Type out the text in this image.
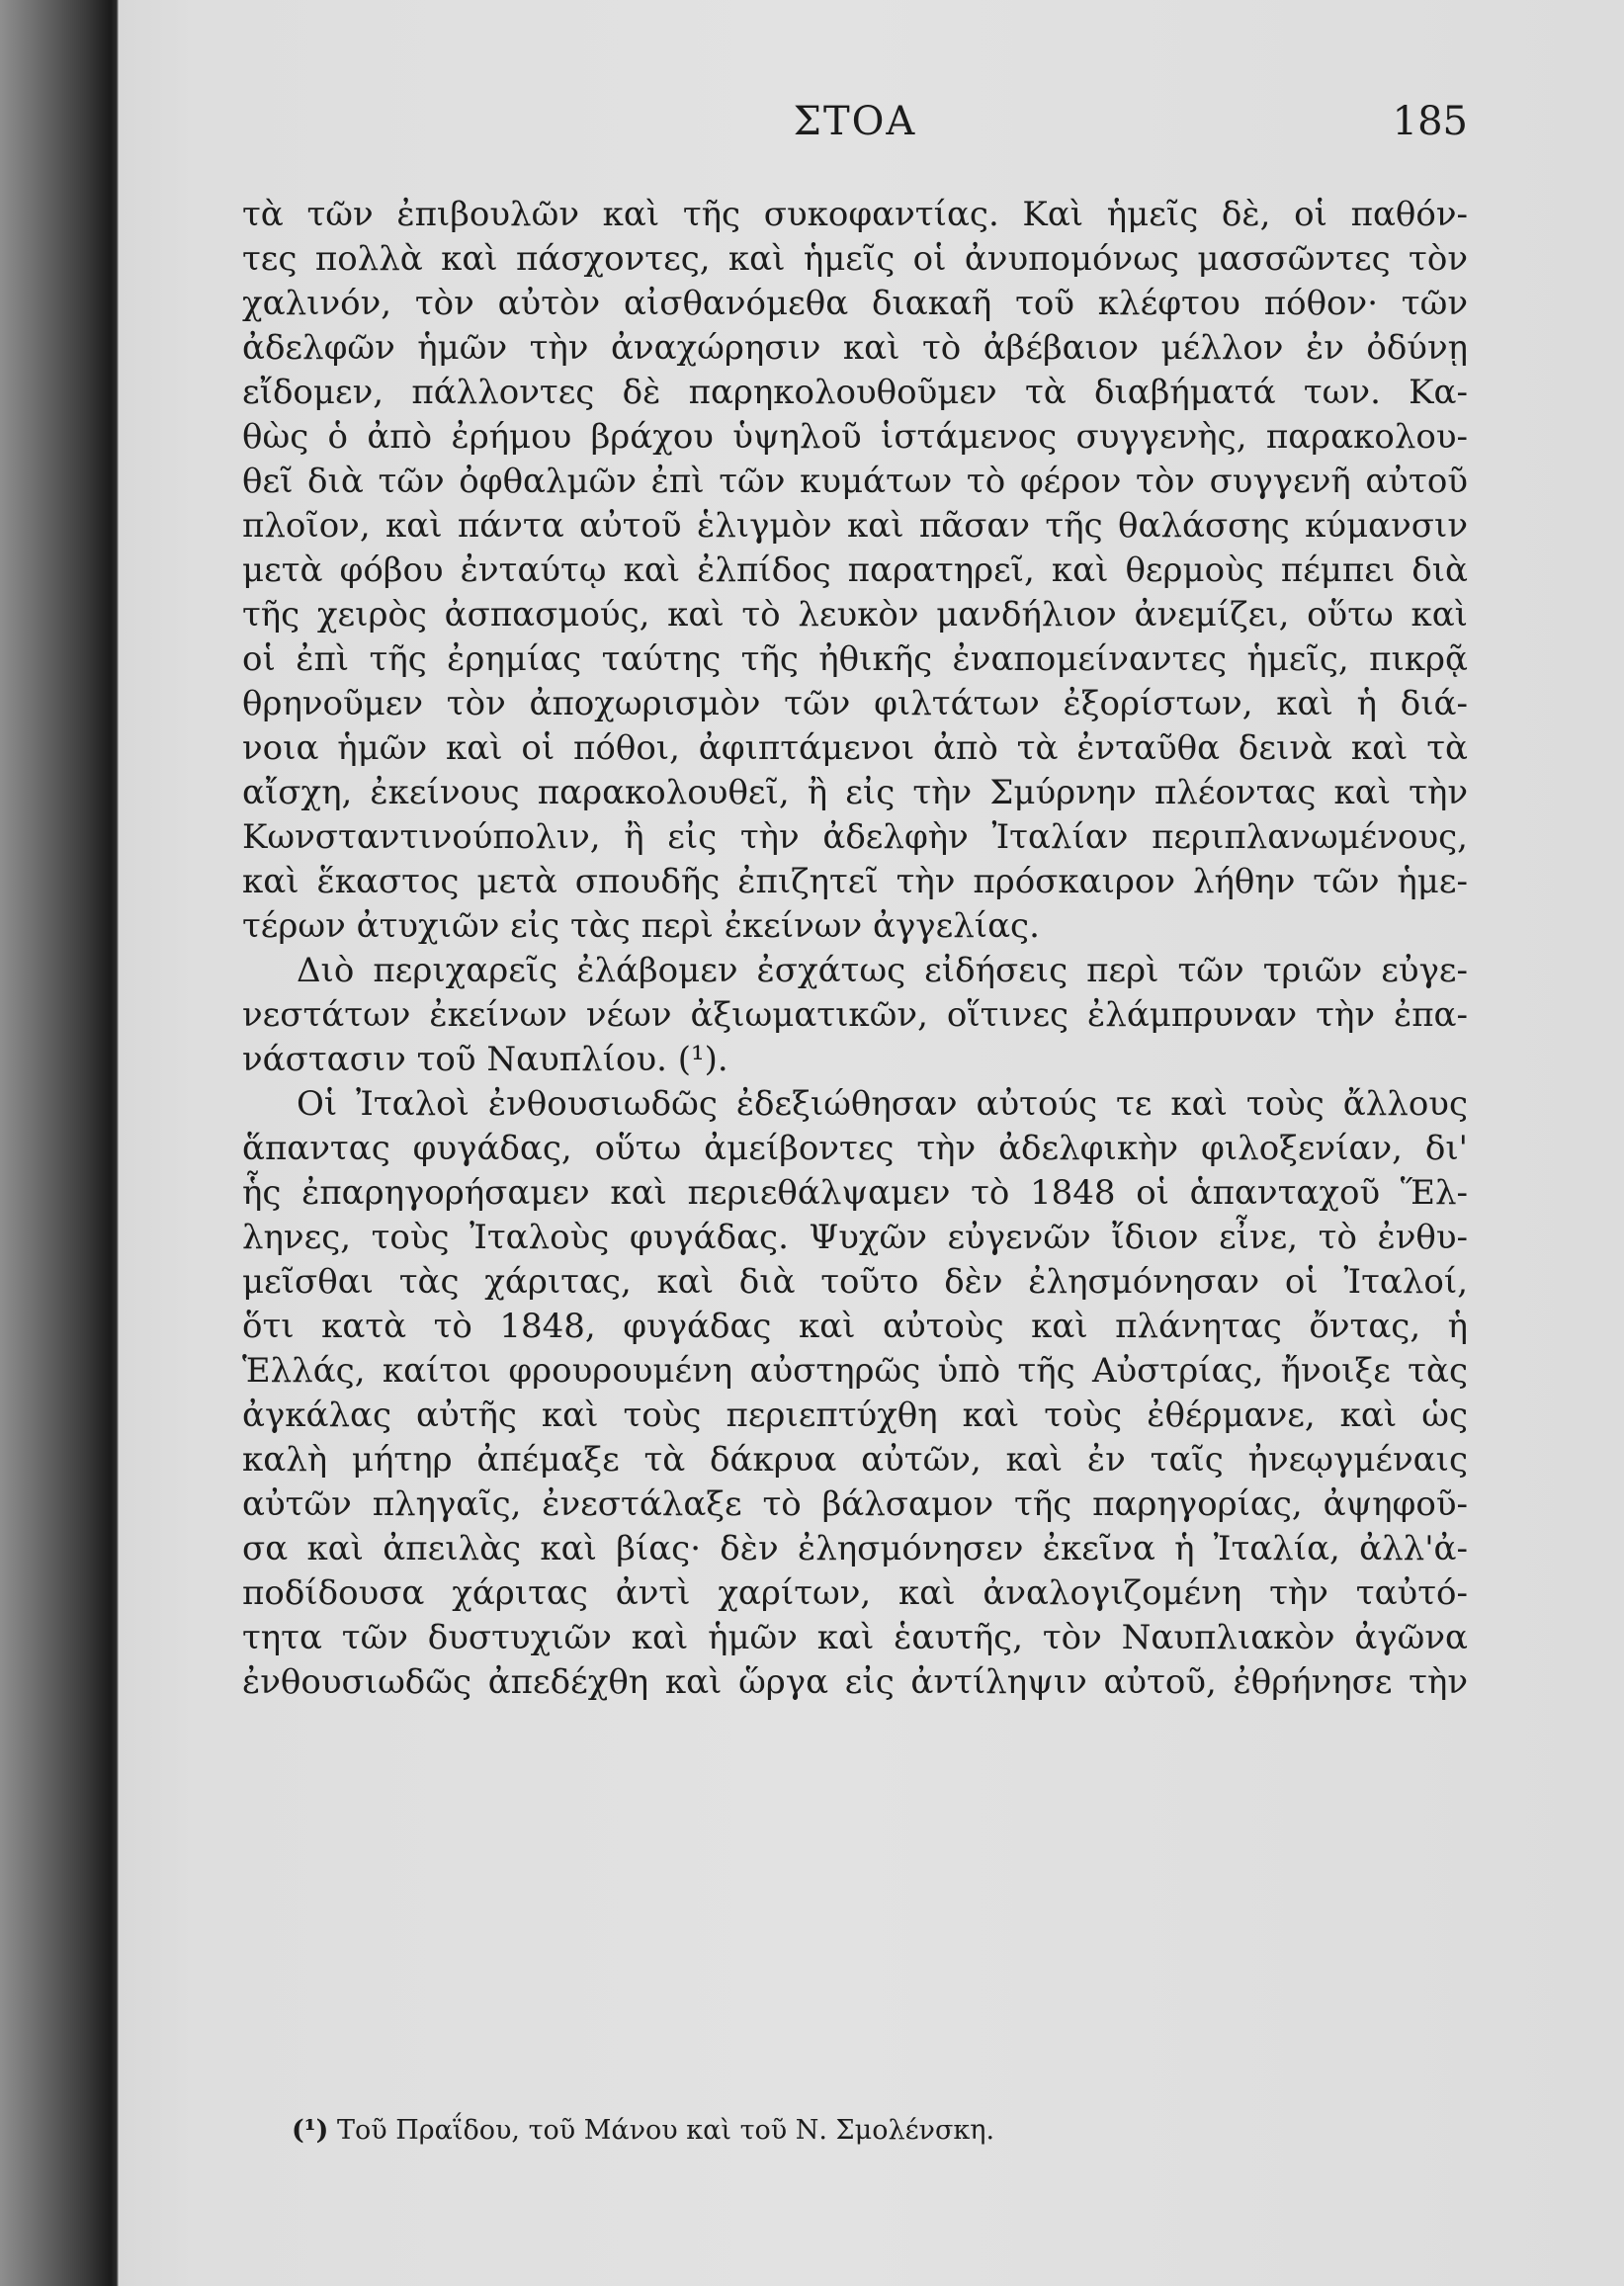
ΣΤΟΑ	185
τὰ τῶν ἐπιβουλῶν καὶ τῆς συκοφαντίας. Καὶ ἡμεῖς δὲ, οἱ παθόν-
τες πολλὰ καὶ πάσχοντες, καὶ ἡμεῖς οἱ ἀνυπομόνως μασσῶντες τὸν
χαλινόν, τὸν αὐτὸν αἰσθανόμεθα διακαῆ τοῦ κλέφτου πόθον· τῶν
ἀδελφῶν ἡμῶν τὴν ἀναχώρησιν καὶ τὸ ἀβέβαιον μέλλον ἐν ὀδύνῃ
εἴδομεν, πάλλοντες δὲ παρηκολουθοῦμεν τὰ διαβήματά των. Κα-
θὼς ὁ ἀπὸ ἐρήμου βράχου ὑψηλοῦ ἱστάμενος συγγενὴς, παρακολου-
θεῖ διὰ τῶν ὀφθαλμῶν ἐπὶ τῶν κυμάτων τὸ φέρον τὸν συγγενῆ αὐτοῦ
πλοῖον, καὶ πάντα αὐτοῦ ἑλιγμὸν καὶ πᾶσαν τῆς θαλάσσης κύμανσιν
μετὰ φόβου ἐνταύτῳ καὶ ἐλπίδος παρατηρεῖ, καὶ θερμοὺς πέμπει διὰ
τῆς χειρὸς ἀσπασμούς, καὶ τὸ λευκὸν μανδήλιον ἀνεμίζει, οὕτω καὶ
οἱ ἐπὶ τῆς ἐρημίας ταύτης τῆς ἠθικῆς ἐναπομείναντες ἡμεῖς, πικρᾷ
θρηνοῦμεν τὸν ἀποχωρισμὸν τῶν φιλτάτων ἐξορίστων, καὶ ἡ διά-
νοια ἡμῶν καὶ οἱ πόθοι, ἀφιπτάμενοι ἀπὸ τὰ ἐνταῦθα δεινὰ καὶ τὰ
αἴσχη, ἐκείνους παρακολουθεῖ, ἢ εἰς τὴν Σμύρνην πλέοντας καὶ τὴν
Κωνσταντινούπολιν, ἢ εἰς τὴν ἀδελφὴν Ἰταλίαν περιπλανωμένους,
καὶ ἕκαστος μετὰ σπουδῆς ἐπιζητεῖ τὴν πρόσκαιρον λήθην τῶν ἡμε-
τέρων ἀτυχιῶν εἰς τὰς περὶ ἐκείνων ἀγγελίας.
Διὸ περιχαρεῖς ἐλάβομεν ἐσχάτως εἰδήσεις περὶ τῶν τριῶν εὐγε-
νεστάτων ἐκείνων νέων ἀξιωματικῶν, οἵτινες ἐλάμπρυναν τὴν ἐπα-
νάστασιν τοῦ Ναυπλίου. (¹).
Οἱ Ἰταλοὶ ἐνθουσιωδῶς ἐδεξιώθησαν αὐτούς τε καὶ τοὺς ἄλλους
ἅπαντας φυγάδας, οὕτω ἀμείβοντες τὴν ἀδελφικὴν φιλοξενίαν, δι'
ἧς ἐπαρηγορήσαμεν καὶ περιεθάλψαμεν τὸ 1848 οἱ ἁπανταχοῦ Ἕλ-
ληνες, τοὺς Ἰταλοὺς φυγάδας. Ψυχῶν εὐγενῶν ἴδιον εἶνε, τὸ ἐνθυ-
μεῖσθαι τὰς χάριτας, καὶ διὰ τοῦτο δὲν ἐλησμόνησαν οἱ Ἰταλοί,
ὅτι κατὰ τὸ 1848, φυγάδας καὶ αὐτοὺς καὶ πλάνητας ὄντας, ἡ
Ἑλλάς, καίτοι φρουρουμένη αὐστηρῶς ὑπὸ τῆς Αὐστρίας, ἤνοιξε τὰς
ἀγκάλας αὐτῆς καὶ τοὺς περιεπτύχθη καὶ τοὺς ἐθέρμανε, καὶ ὡς
καλὴ μήτηρ ἀπέμαξε τὰ δάκρυα αὐτῶν, καὶ ἐν ταῖς ἠνεῳγμέναις
αὐτῶν πληγαῖς, ἐνεστάλαξε τὸ βάλσαμον τῆς παρηγορίας, ἀψηφοῦ-
σα καὶ ἀπειλὰς καὶ βίας· δὲν ἐλησμόνησεν ἐκεῖνα ἡ Ἰταλία, ἀλλ'ἀ-
ποδίδουσα χάριτας ἀντὶ χαρίτων, καὶ ἀναλογιζομένη τὴν ταὐτό-
τητα τῶν δυστυχιῶν καὶ ἡμῶν καὶ ἑαυτῆς, τὸν Ναυπλιακὸν ἀγῶνα
ἐνθουσιωδῶς ἀπεδέχθη καὶ ὥργα εἰς ἀντίληψιν αὐτοῦ, ἐθρήνησε τὴν
(¹) Τοῦ Πραΐδου, τοῦ Μάνου καὶ τοῦ Ν. Σμολένσκη.
